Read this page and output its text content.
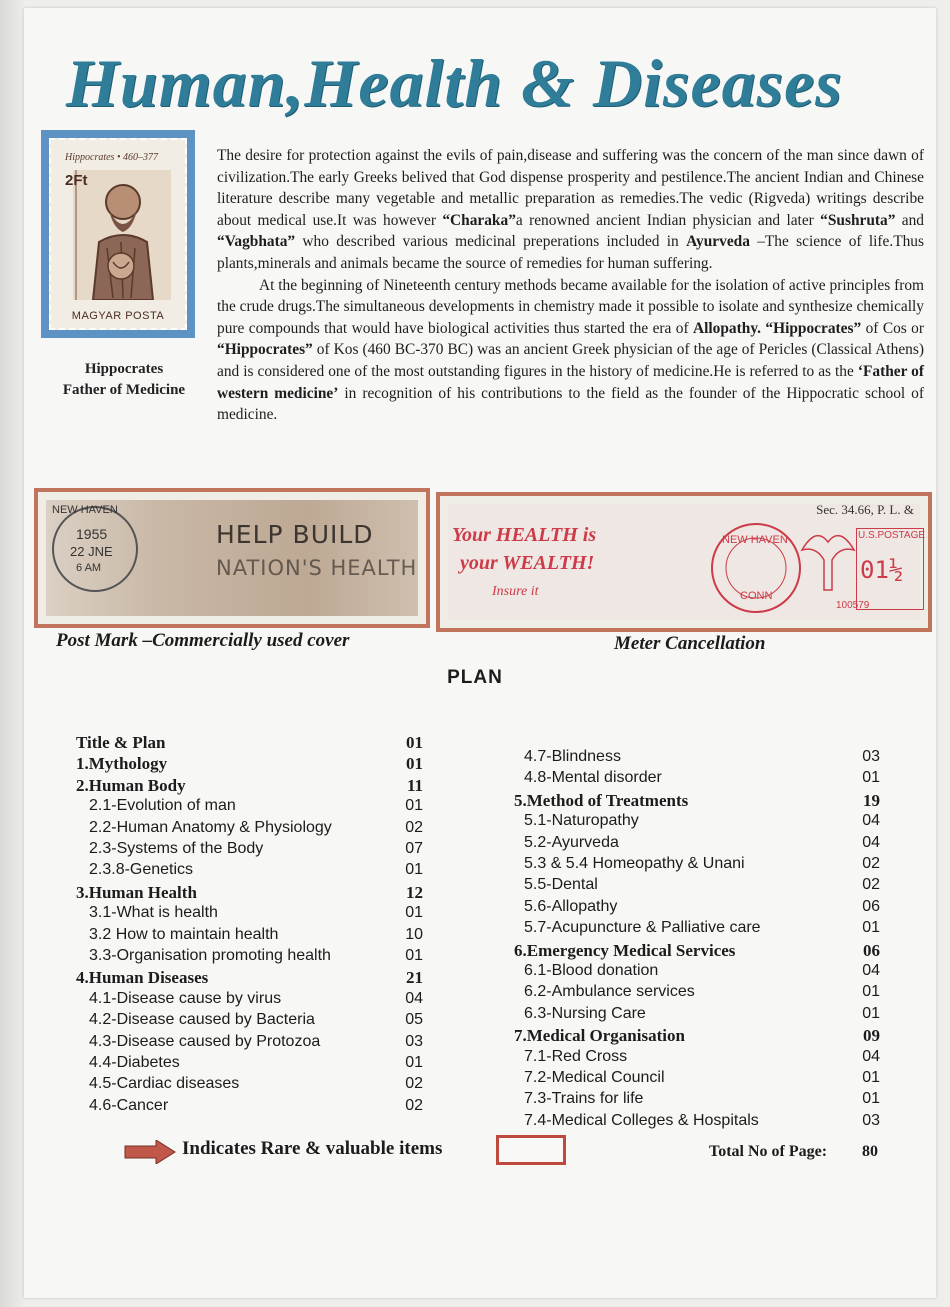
Human,Health & Diseases
Hippocrates • 460–377
2Ft
MAGYAR POSTA
Hippocrates
Father of Medicine

The desire for protection against the evils of pain,disease and suffering was the concern of the man since dawn of civilization.The early Greeks belived that God dispense prosperity and pestilence.The ancient Indian and Chinese literature describe many vegetable and metallic preparation as remedies.The vedic (Rigveda) writings describe about medical use.It was however “Charaka”a renowned ancient Indian physician and later “Sushruta” and “Vagbhata” who described various medicinal preperations included in Ayurveda –The science of life.Thus plants,minerals and animals became the source of remedies for human suffering.

At the beginning of Nineteenth century methods became available for the isolation of active principles from the crude drugs.The simultaneous developments in chemistry made it possible to isolate and synthesize chemically pure compounds that would have biological activities thus started the era of Allopathy. “Hippocrates” of Cos or “Hippocrates” of Kos (460 BC-370 BC) was an ancient Greek physician of the age of Pericles (Classical Athens) and is considered one of the most outstanding figures in the history of medicine.He is referred to as the ‘Father of western medicine’ in recognition of his contributions to the field as the founder of the Hippocratic school of medicine.

NEW HAVEN
1955
22 JNE
6 AM
HELP BUILD
NATION'S HEALTH
Post Mark –Commercially used cover
Sec. 34.66, P. L. &
Your HEALTH is
your WEALTH!
Insure it
NEW HAVEN
CONN
U.S.POSTAGE
01½
100579
Meter Cancellation
PLAN
Title & Plan	01
1.Mythology	01
2.Human Body	11
2.1-Evolution of man	01
2.2-Human Anatomy & Physiology	02
2.3-Systems of the Body	07
2.3.8-Genetics	01
3.Human Health	12
3.1-What is health	01
3.2 How to maintain health	10
3.3-Organisation promoting health	01
4.Human Diseases	21
4.1-Disease cause by virus	04
4.2-Disease caused by Bacteria	05
4.3-Disease caused by Protozoa	03
4.4-Diabetes	01
4.5-Cardiac diseases	02
4.6-Cancer	02
4.7-Blindness	03
4.8-Mental disorder	01
5.Method of Treatments	19
5.1-Naturopathy	04
5.2-Ayurveda	04
5.3 & 5.4 Homeopathy & Unani	02
5.5-Dental	02
5.6-Allopathy	06
5.7-Acupuncture & Palliative care	01
6.Emergency Medical Services	06
6.1-Blood donation	04
6.2-Ambulance services	01
6.3-Nursing Care	01
7.Medical Organisation	09
7.1-Red Cross	04
7.2-Medical Council	01
7.3-Trains for life	01
7.4-Medical Colleges & Hospitals	03
Indicates Rare & valuable items	Total No of Page: 80
